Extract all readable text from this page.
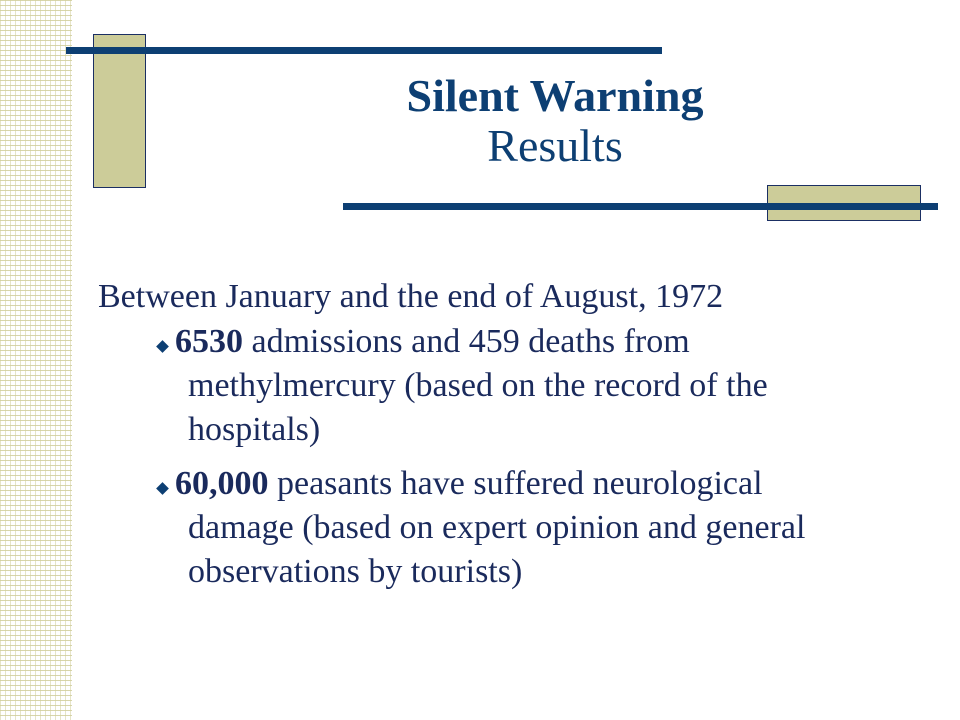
Silent Warning
Results

Between January and the end of August, 1972

6530 admissions and 459 deaths from methylmercury (based on the record of the hospitals)
60,000 peasants have suffered neurological damage (based on expert opinion and general observations by tourists)
